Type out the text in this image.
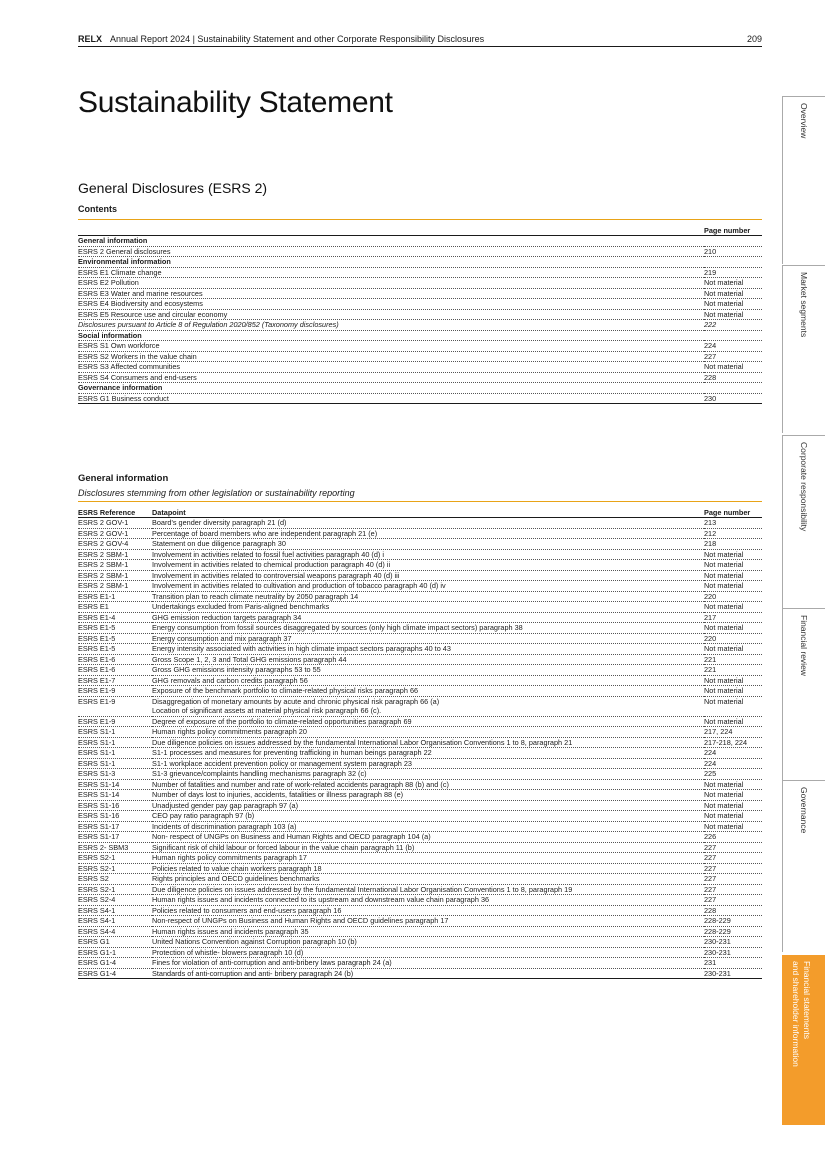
RELX Annual Report 2024 | Sustainability Statement and other Corporate Responsibility Disclosures	209
Sustainability Statement
General Disclosures (ESRS 2)
Contents
	Page number
General information	
ESRS 2 General disclosures	210
Environmental information	
ESRS E1 Climate change	219
ESRS E2 Pollution	Not material
ESRS E3 Water and marine resources	Not material
ESRS E4 Biodiversity and ecosystems	Not material
ESRS E5 Resource use and circular economy	Not material
Disclosures pursuant to Article 8 of Regulation 2020/852 (Taxonomy disclosures)	222
Social information	
ESRS S1 Own workforce	224
ESRS S2 Workers in the value chain	227
ESRS S3 Affected communities	Not material
ESRS S4 Consumers and end-users	228
Governance information	
ESRS G1 Business conduct	230
General information
Disclosures stemming from other legislation or sustainability reporting
ESRS Reference	Datapoint	Page number
ESRS 2 GOV-1	Board's gender diversity paragraph 21 (d)	213
ESRS 2 GOV-1	Percentage of board members who are independent paragraph 21 (e)	212
ESRS 2 GOV-4	Statement on due diligence paragraph 30	218
ESRS 2 SBM-1	Involvement in activities related to fossil fuel activities paragraph 40 (d) i	Not material
ESRS 2 SBM-1	Involvement in activities related to chemical production paragraph 40 (d) ii	Not material
ESRS 2 SBM-1	Involvement in activities related to controversial weapons paragraph 40 (d) iii	Not material
ESRS 2 SBM-1	Involvement in activities related to cultivation and production of tobacco paragraph 40 (d) iv	Not material
ESRS E1-1	Transition plan to reach climate neutrality by 2050 paragraph 14	220
ESRS E1	Undertakings excluded from Paris-aligned benchmarks	Not material
ESRS E1-4	GHG emission reduction targets paragraph 34	217
ESRS E1-5	Energy consumption from fossil sources disaggregated by sources (only high climate impact sectors) paragraph 38	Not material
ESRS E1-5	Energy consumption and mix paragraph 37	220
ESRS E1-5	Energy intensity associated with activities in high climate impact sectors paragraphs 40 to 43	Not material
ESRS E1-6	Gross Scope 1, 2, 3 and Total GHG emissions paragraph 44	221
ESRS E1-6	Gross GHG emissions intensity paragraphs 53 to 55	221
ESRS E1-7	GHG removals and carbon credits paragraph 56	Not material
ESRS E1-9	Exposure of the benchmark portfolio to climate-related physical risks paragraph 66	Not material
ESRS E1-9	Disaggregation of monetary amounts by acute and chronic physical risk paragraph 66 (a)
Location of significant assets at material physical risk paragraph 66 (c).	Not material
ESRS E1-9	Degree of exposure of the portfolio to climate-related opportunities paragraph 69	Not material
ESRS S1-1	Human rights policy commitments paragraph 20	217, 224
ESRS S1-1	Due diligence policies on issues addressed by the fundamental International Labor Organisation Conventions 1 to 8, paragraph 21	217-218, 224
ESRS S1-1	S1-1 processes and measures for preventing trafficking in human beings paragraph 22	224
ESRS S1-1	S1-1 workplace accident prevention policy or management system paragraph 23	224
ESRS S1-3	S1-3 grievance/complaints handling mechanisms paragraph 32 (c)	225
ESRS S1-14	Number of fatalities and number and rate of work-related accidents paragraph 88 (b) and (c)	Not material
ESRS S1-14	Number of days lost to injuries, accidents, fatalities or illness paragraph 88 (e)	Not material
ESRS S1-16	Unadjusted gender pay gap paragraph 97 (a)	Not material
ESRS S1-16	CEO pay ratio paragraph 97 (b)	Not material
ESRS S1-17	Incidents of discrimination paragraph 103 (a)	Not material
ESRS S1-17	Non- respect of UNGPs on Business and Human Rights and OECD paragraph 104 (a)	226
ESRS 2- SBM3	Significant risk of child labour or forced labour in the value chain paragraph 11 (b)	227
ESRS S2-1	Human rights policy commitments paragraph 17	227
ESRS S2-1	Policies related to value chain workers paragraph 18	227
ESRS S2	Rights principles and OECD guidelines benchmarks	227
ESRS S2-1	Due diligence policies on issues addressed by the fundamental International Labor Organisation Conventions 1 to 8, paragraph 19	227
ESRS S2-4	Human rights issues and incidents connected to its upstream and downstream value chain paragraph 36	227
ESRS S4-1	Policies related to consumers and end-users paragraph 16	228
ESRS S4-1	Non-respect of UNGPs on Business and Human Rights and OECD guidelines paragraph 17	228-229
ESRS S4-4	Human rights issues and incidents paragraph 35	228-229
ESRS G1	United Nations Convention against Corruption paragraph 10 (b)	230-231
ESRS G1-1	Protection of whistle- blowers paragraph 10 (d)	230-231
ESRS G1-4	Fines for violation of anti-corruption and anti-bribery laws paragraph 24 (a)	231
ESRS G1-4	Standards of anti-corruption and anti- bribery paragraph 24 (b)	230-231
Overview
Market segments
Corporate responsibility
Financial review
Governance
Financial statements
and shareholder information
